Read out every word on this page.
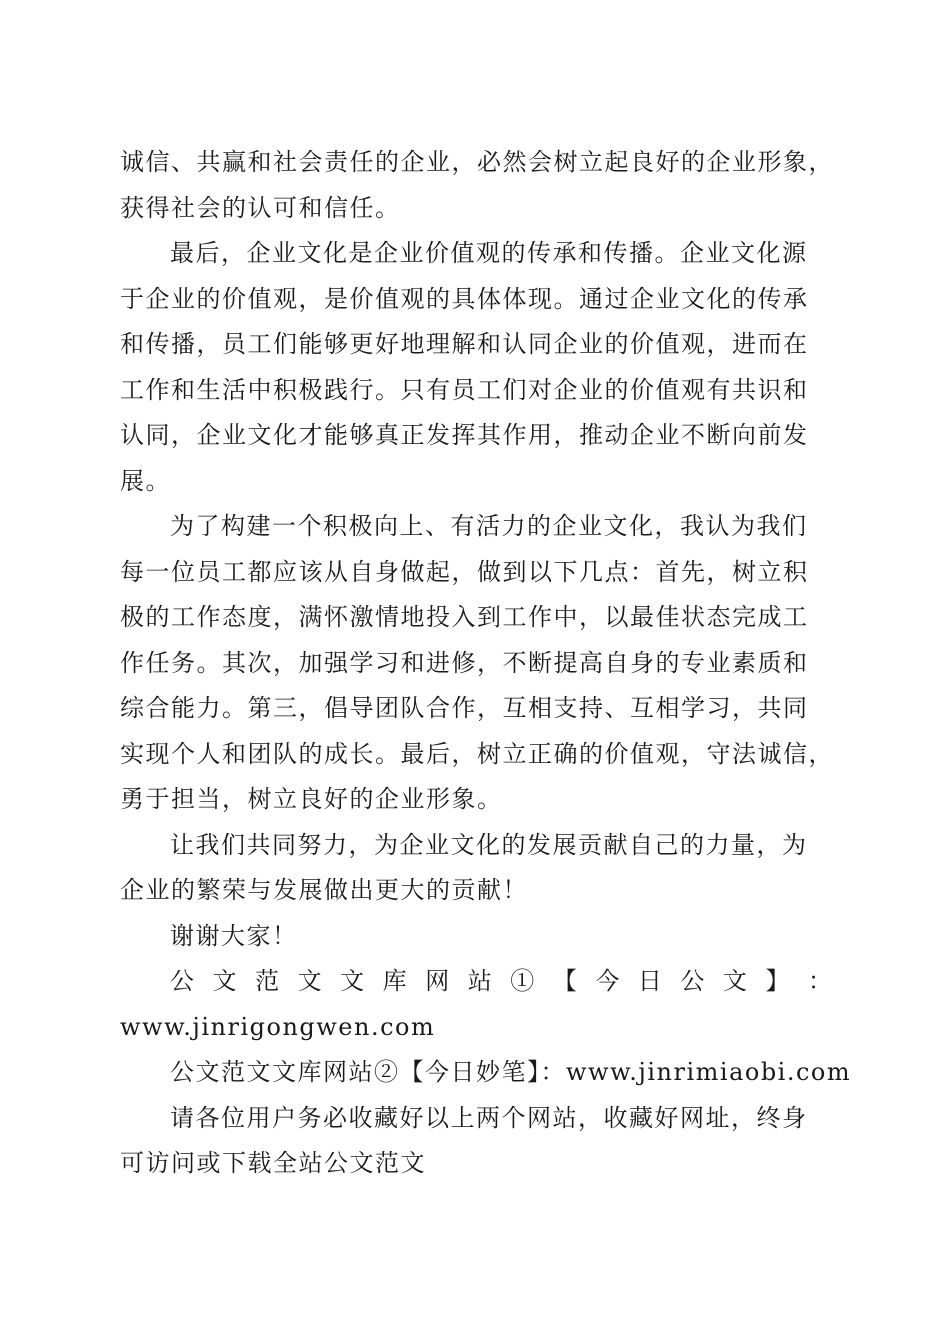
诚信、共赢和社会责任的企业，必然会树立起良好的企业形象，
获得社会的认可和信任。
最后，企业文化是企业价值观的传承和传播。企业文化源
于企业的价值观，是价值观的具体体现。通过企业文化的传承
和传播，员工们能够更好地理解和认同企业的价值观，进而在
工作和生活中积极践行。只有员工们对企业的价值观有共识和
认同，企业文化才能够真正发挥其作用，推动企业不断向前发
展。
为了构建一个积极向上、有活力的企业文化，我认为我们
每一位员工都应该从自身做起，做到以下几点：首先，树立积
极的工作态度，满怀激情地投入到工作中，以最佳状态完成工
作任务。其次，加强学习和进修，不断提高自身的专业素质和
综合能力。第三，倡导团队合作，互相支持、互相学习，共同
实现个人和团队的成长。最后，树立正确的价值观，守法诚信，
勇于担当，树立良好的企业形象。
让我们共同努力，为企业文化的发展贡献自己的力量，为
企业的繁荣与发展做出更大的贡献！
谢谢大家！
公 文 范 文 文 库 网 站 ① 【 今 日 公 文 】 ：
www.jinrigongwen.com
公文范文文库网站②【今日妙笔】：www.jinrimiaobi.com
请各位用户务必收藏好以上两个网站，收藏好网址，终身
可访问或下载全站公文范文
